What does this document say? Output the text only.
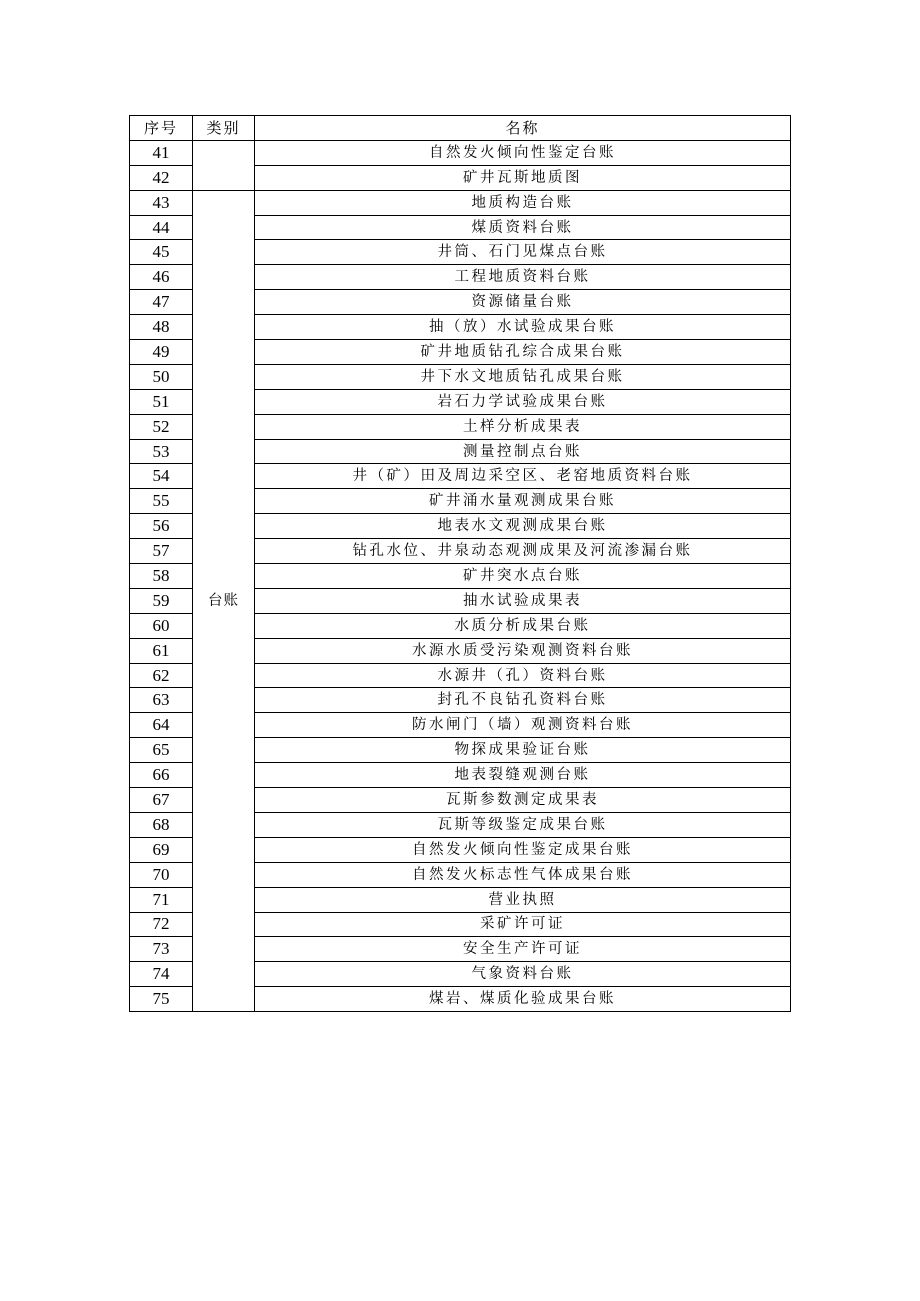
序号	类别	名称
41		自然发火倾向性鉴定台账
42		矿井瓦斯地质图
43	台账	地质构造台账
44		煤质资料台账
45		井筒、石门见煤点台账
46		工程地质资料台账
47		资源储量台账
48		抽（放）水试验成果台账
49		矿井地质钻孔综合成果台账
50		井下水文地质钻孔成果台账
51		岩石力学试验成果台账
52		土样分析成果表
53		测量控制点台账
54		井（矿）田及周边采空区、老窑地质资料台账
55		矿井涌水量观测成果台账
56		地表水文观测成果台账
57		钻孔水位、井泉动态观测成果及河流渗漏台账
58		矿井突水点台账
59		抽水试验成果表
60		水质分析成果台账
61		水源水质受污染观测资料台账
62		水源井（孔）资料台账
63		封孔不良钻孔资料台账
64		防水闸门（墙）观测资料台账
65		物探成果验证台账
66		地表裂缝观测台账
67		瓦斯参数测定成果表
68		瓦斯等级鉴定成果台账
69		自然发火倾向性鉴定成果台账
70		自然发火标志性气体成果台账
71		营业执照
72		采矿许可证
73		安全生产许可证
74		气象资料台账
75		煤岩、煤质化验成果台账
